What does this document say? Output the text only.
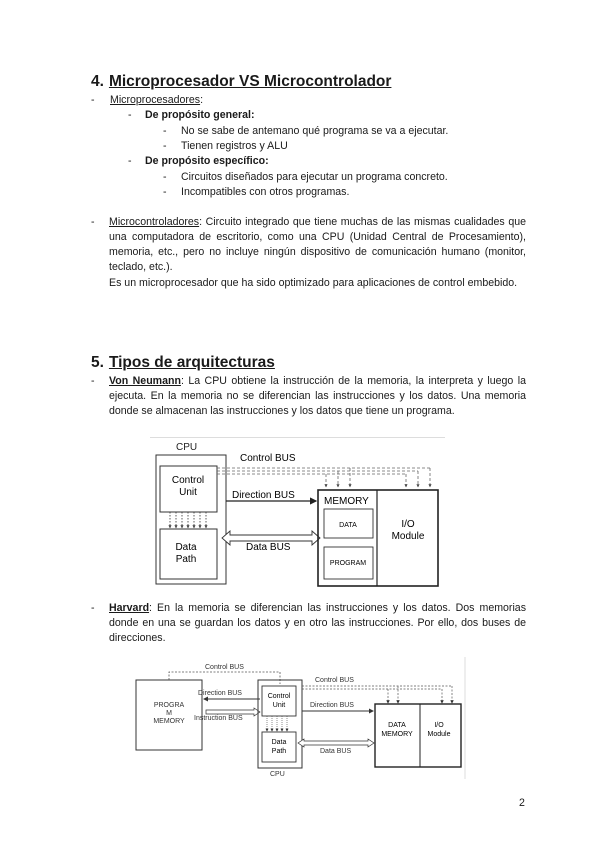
4. Microprocesador VS Microcontrolador
- Microprocesadores:
- De propósito general:
- No se sabe de antemano qué programa se va a ejecutar.
- Tienen registros y ALU
- De propósito específico:
- Circuitos diseñados para ejecutar un programa concreto.
- Incompatibles con otros programas.
- Microcontroladores: Circuito integrado que tiene muchas de las mismas cualidades que una computadora de escritorio, como una CPU (Unidad Central de Procesamiento), memoria, etc., pero no incluye ningún dispositivo de comunicación humano (monitor, teclado, etc.).
Es un microprocesador que ha sido optimizado para aplicaciones de control embebido.
5. Tipos de arquitecturas
- Von Neumann: La CPU obtiene la instrucción de la memoria, la interpreta y luego la ejecuta. En la memoria no se diferencian las instrucciones y los datos. Una memoria donde se almacenan las instrucciones y los datos que tiene un programa.
CPU
Control
Unit
Data
Path
Control BUS
Direction BUS
Data BUS
MEMORY
DATA
PROGRAM
I/O
Module
- Harvard: En la memoria se diferencian las instrucciones y los datos. Dos memorias donde en una se guardan los datos y en otro las instrucciones. Por ello, dos buses de direcciones.
PROGRA
M
MEMORY
Control BUS
Direction BUS
Instruction BUS
Control
Unit
Data
Path
CPU
Control BUS
Direction BUS
Data BUS
DATA
MEMORY
I/O
Module
2
